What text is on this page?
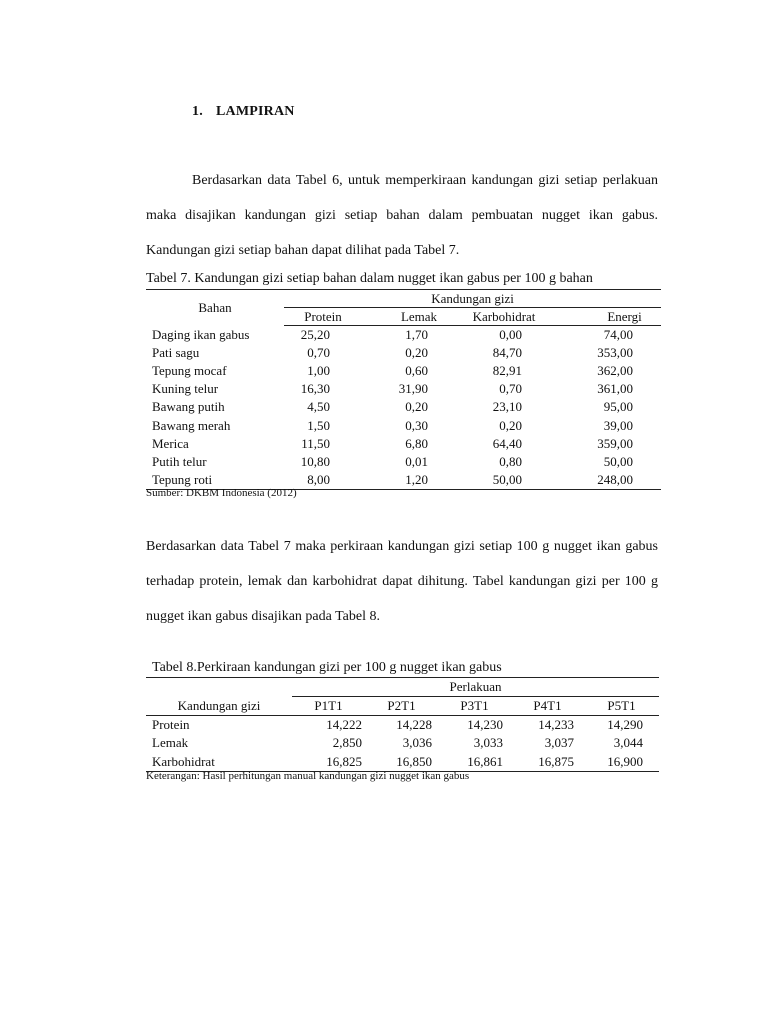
1. LAMPIRAN
Berdasarkan data Tabel 6, untuk memperkiraan kandungan gizi setiap perlakuan maka disajikan kandungan gizi setiap bahan dalam pembuatan nugget ikan gabus. Kandungan gizi setiap bahan dapat dilihat pada Tabel 7.
Tabel 7. Kandungan gizi setiap bahan dalam nugget ikan gabus per 100 g bahan
Bahan	Kandungan gizi			
	Protein	Lemak	Karbohidrat	Energi
Daging ikan gabus	25,20	1,70	0,00	74,00
Pati sagu	0,70	0,20	84,70	353,00
Tepung mocaf	1,00	0,60	82,91	362,00
Kuning telur	16,30	31,90	0,70	361,00
Bawang putih	4,50	0,20	23,10	95,00
Bawang merah	1,50	0,30	0,20	39,00
Merica	11,50	6,80	64,40	359,00
Putih telur	10,80	0,01	0,80	50,00
Tepung roti	8,00	1,20	50,00	248,00
Sumber: DKBM Indonesia (2012)
Berdasarkan data Tabel 7 maka perkiraan kandungan gizi setiap 100 g nugget ikan gabus terhadap protein, lemak dan karbohidrat dapat dihitung. Tabel kandungan gizi per 100 g nugget ikan gabus disajikan pada Tabel 8.
Tabel 8.Perkiraan kandungan gizi per 100 g nugget ikan gabus
	Perlakuan				
Kandungan gizi	P1T1	P2T1	P3T1	P4T1	P5T1
Protein	14,222	14,228	14,230	14,233	14,290
Lemak	2,850	3,036	3,033	3,037	3,044
Karbohidrat	16,825	16,850	16,861	16,875	16,900
Keterangan: Hasil perhitungan manual kandungan gizi nugget ikan gabus
